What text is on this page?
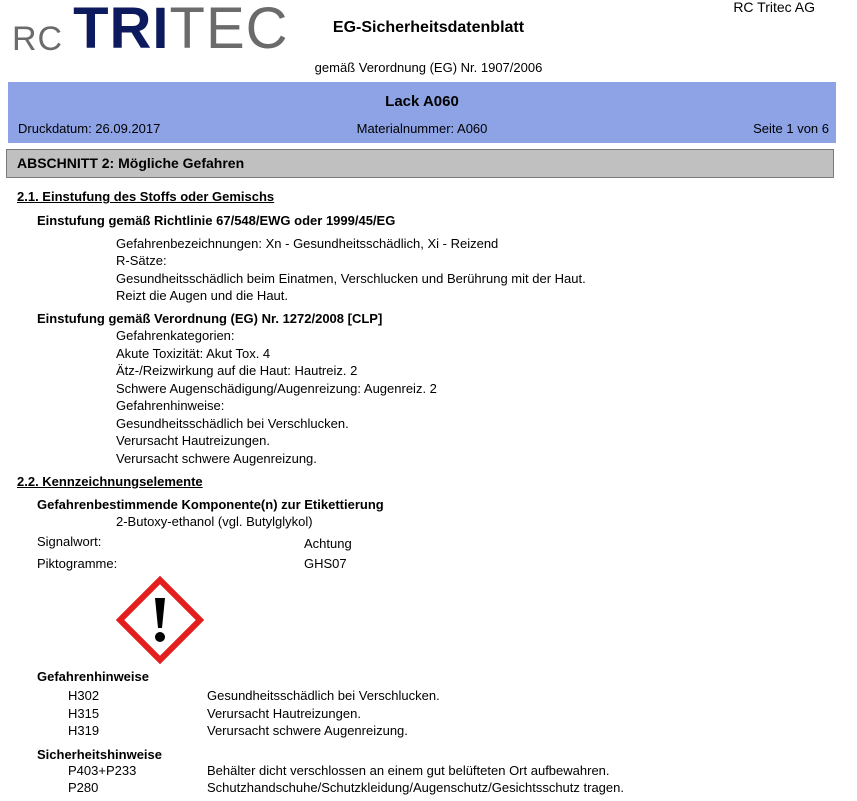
RC TRI TEC	RC Tritec AG
EG-Sicherheitsdatenblatt
gemäß Verordnung (EG) Nr. 1907/2006
Lack A060
Druckdatum: 26.09.2017	Materialnummer: A060	Seite 1 von 6
ABSCHNITT 2: Mögliche Gefahren
2.1. Einstufung des Stoffs oder Gemischs
Einstufung gemäß Richtlinie 67/548/EWG oder 1999/45/EG
Gefahrenbezeichnungen: Xn - Gesundheitsschädlich, Xi - Reizend
R-Sätze:
Gesundheitsschädlich beim Einatmen, Verschlucken und Berührung mit der Haut.
Reizt die Augen und die Haut.
Einstufung gemäß Verordnung (EG) Nr. 1272/2008 [CLP]
Gefahrenkategorien:
Akute Toxizität: Akut Tox. 4
Ätz-/Reizwirkung auf die Haut: Hautreiz. 2
Schwere Augenschädigung/Augenreizung: Augenreiz. 2
Gefahrenhinweise:
Gesundheitsschädlich bei Verschlucken.
Verursacht Hautreizungen.
Verursacht schwere Augenreizung.
2.2. Kennzeichnungselemente
Gefahrenbestimmende Komponente(n) zur Etikettierung
2-Butoxy-ethanol (vgl. Butylglykol)
Signalwort:	Achtung
Piktogramme:	GHS07
Gefahrenhinweise
H302	Gesundheitsschädlich bei Verschlucken.
H315	Verursacht Hautreizungen.
H319	Verursacht schwere Augenreizung.
Sicherheitshinweise
P403+P233	Behälter dicht verschlossen an einem gut belüfteten Ort aufbewahren.
P280	Schutzhandschuhe/Schutzkleidung/Augenschutz/Gesichtsschutz tragen.
